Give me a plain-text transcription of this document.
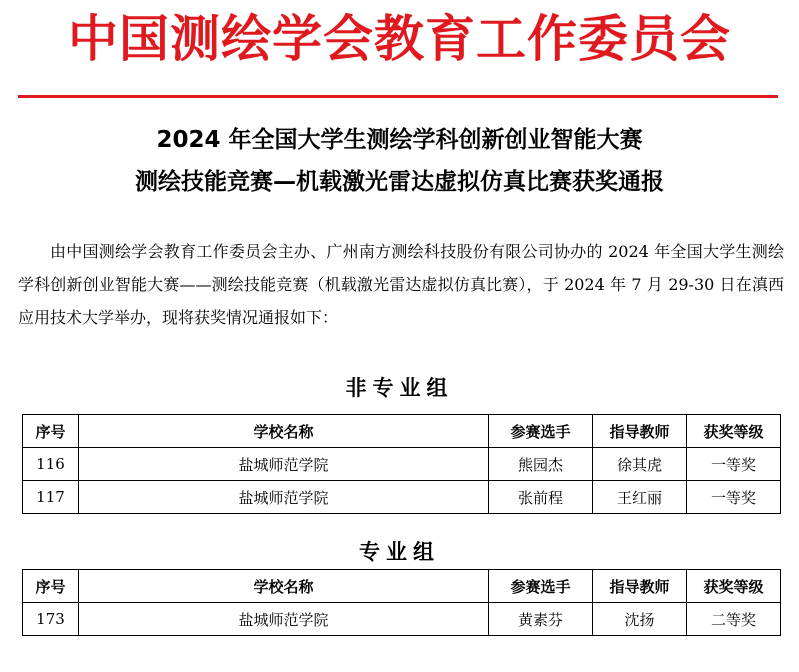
中国测绘学会教育工作委员会
2024 年全国大学生测绘学科创新创业智能大赛
测绘技能竞赛—机载激光雷达虚拟仿真比赛获奖通报

由中国测绘学会教育工作委员会主办、广州南方测绘科技股份有限公司协办的 2024 年全国大学生测绘学科创新创业智能大赛——测绘技能竞赛（机载激光雷达虚拟仿真比赛），于 2024 年 7 月 29-30 日在滇西应用技术大学举办，现将获奖情况通报如下：

非专业组
序号	学校名称	参赛选手	指导教师	获奖等级
116	盐城师范学院	熊园杰	徐其虎	一等奖
117	盐城师范学院	张前程	王红丽	一等奖
专业组
序号	学校名称	参赛选手	指导教师	获奖等级
173	盐城师范学院	黄素芬	沈扬	二等奖
